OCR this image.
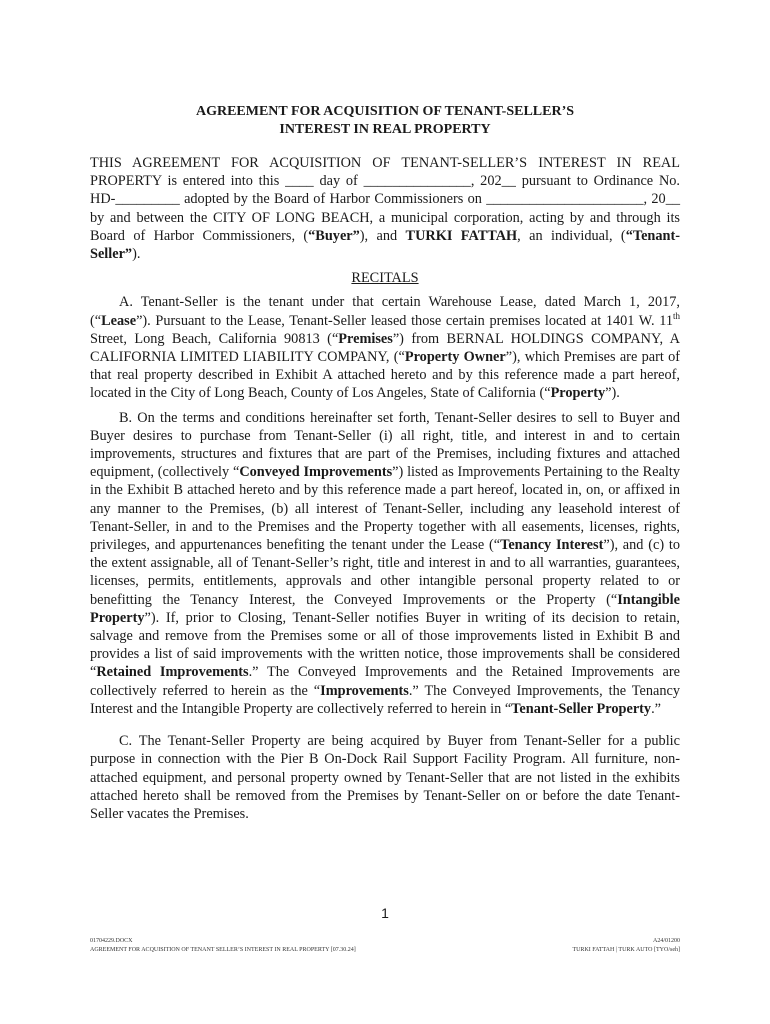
AGREEMENT FOR ACQUISITION OF TENANT-SELLER’S
INTEREST IN REAL PROPERTY

THIS AGREEMENT FOR ACQUISITION OF TENANT-SELLER’S INTEREST IN REAL PROPERTY is entered into this ____ day of _______________, 202__ pursuant to Ordinance No. HD-_________ adopted by the Board of Harbor Commissioners on ______________________, 20__ by and between the CITY OF LONG BEACH, a municipal corporation, acting by and through its Board of Harbor Commissioners, (“Buyer”), and TURKI FATTAH, an individual, (“Tenant-Seller”).

RECITALS

A. Tenant-Seller is the tenant under that certain Warehouse Lease, dated March 1, 2017, (“Lease”). Pursuant to the Lease, Tenant-Seller leased those certain premises located at 1401 W. 11th Street, Long Beach, California 90813 (“Premises”) from BERNAL HOLDINGS COMPANY, A CALIFORNIA LIMITED LIABILITY COMPANY, (“Property Owner”), which Premises are part of that real property described in Exhibit A attached hereto and by this reference made a part hereof, located in the City of Long Beach, County of Los Angeles, State of California (“Property”).

B. On the terms and conditions hereinafter set forth, Tenant-Seller desires to sell to Buyer and Buyer desires to purchase from Tenant-Seller (i) all right, title, and interest in and to certain improvements, structures and fixtures that are part of the Premises, including fixtures and attached equipment, (collectively “Conveyed Improvements”) listed as Improvements Pertaining to the Realty in the Exhibit B attached hereto and by this reference made a part hereof, located in, on, or affixed in any manner to the Premises, (b) all interest of Tenant-Seller, including any leasehold interest of Tenant-Seller, in and to the Premises and the Property together with all easements, licenses, rights, privileges, and appurtenances benefiting the tenant under the Lease (“Tenancy Interest”), and (c) to the extent assignable, all of Tenant-Seller’s right, title and interest in and to all warranties, guarantees, licenses, permits, entitlements, approvals and other intangible personal property related to or benefitting the Tenancy Interest, the Conveyed Improvements or the Property (“Intangible Property”). If, prior to Closing, Tenant-Seller notifies Buyer in writing of its decision to retain, salvage and remove from the Premises some or all of those improvements listed in Exhibit B and provides a list of said improvements with the written notice, those improvements shall be considered “Retained Improvements.” The Conveyed Improvements and the Retained Improvements are collectively referred to herein as the “Improvements.” The Conveyed Improvements, the Tenancy Interest and the Intangible Property are collectively referred to herein in “Tenant-Seller Property.”

C. The Tenant-Seller Property are being acquired by Buyer from Tenant-Seller for a public purpose in connection with the Pier B On-Dock Rail Support Facility Program. All furniture, non-attached equipment, and personal property owned by Tenant-Seller that are not listed in the exhibits attached hereto shall be removed from the Premises by Tenant-Seller on or before the date Tenant-Seller vacates the Premises.

1
01704229.DOCX
AGREEMENT FOR ACQUISITION OF TENANT SELLER’S INTEREST IN REAL PROPERTY [07.30.24]
A24/01200
TURKI FATTAH | TURK AUTO [TYO/seh]
